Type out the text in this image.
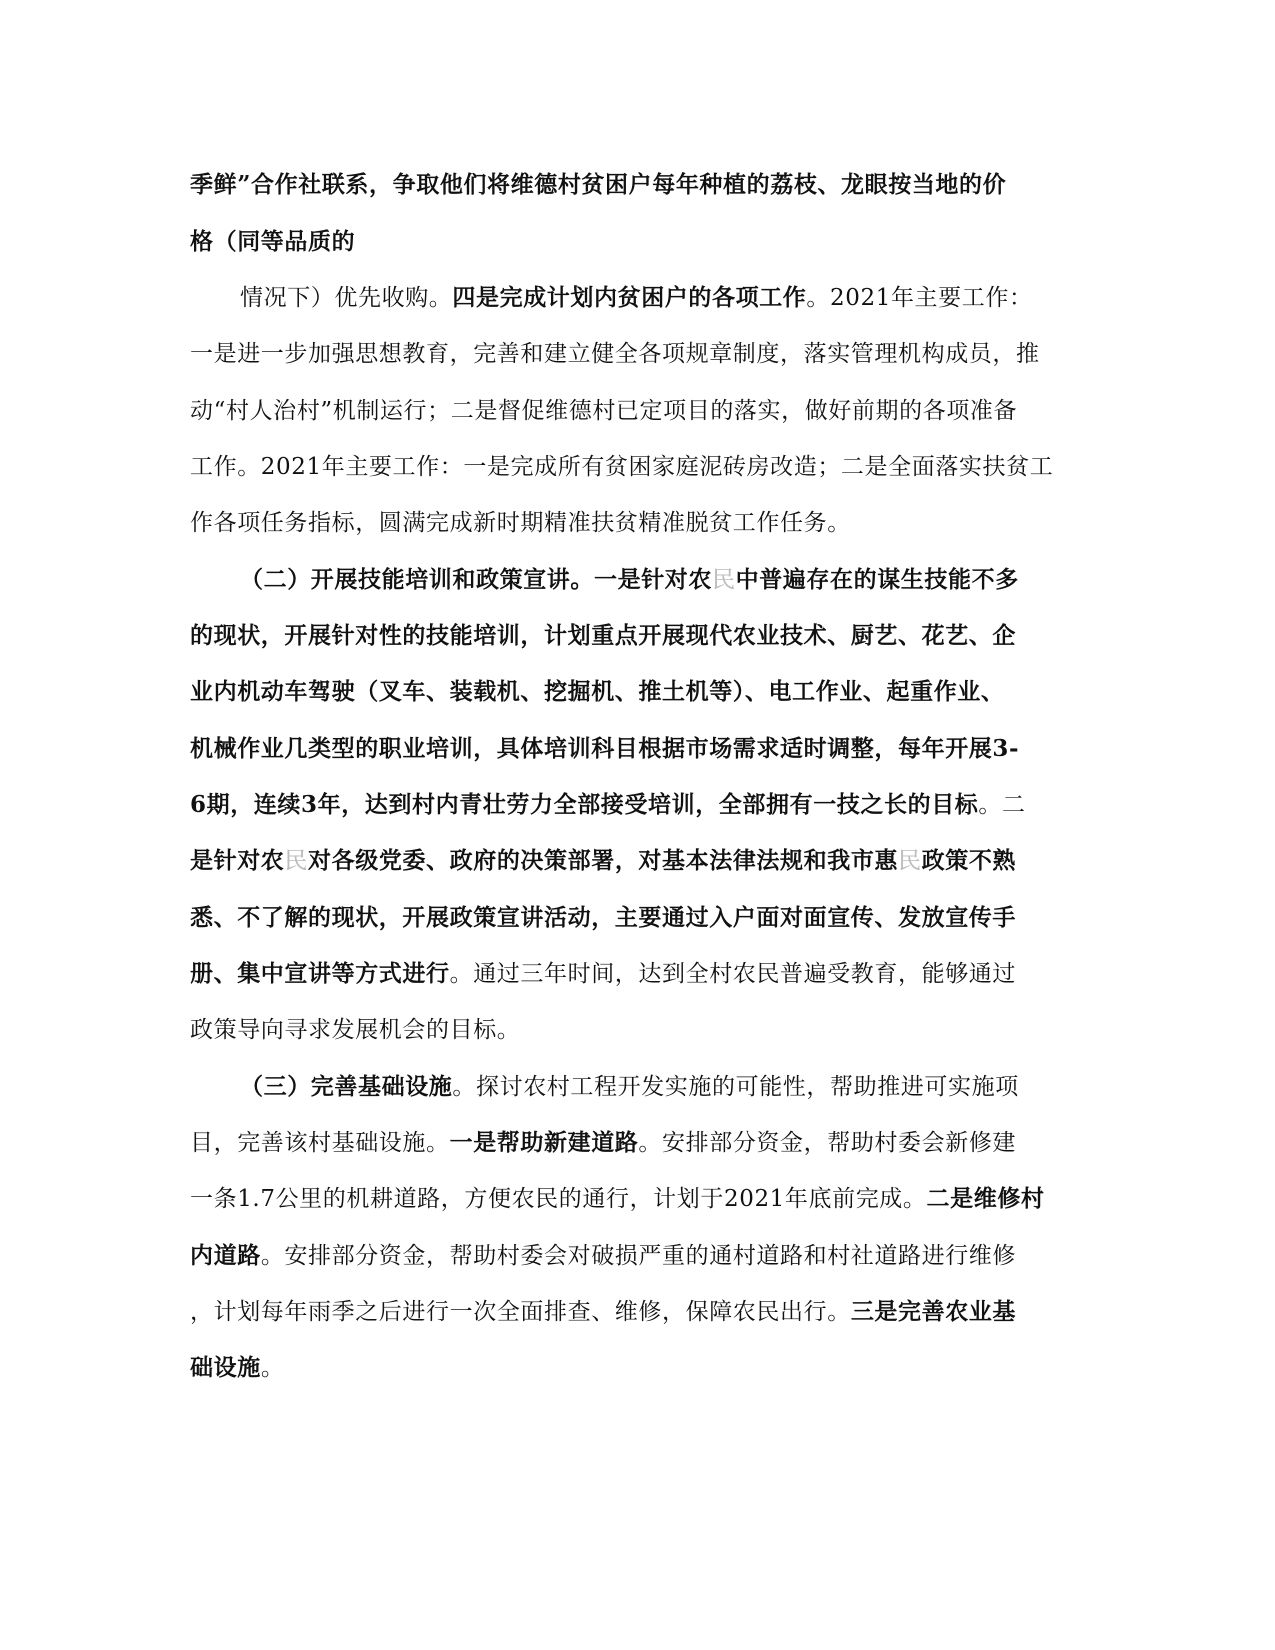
季鲜”合作社联系，争取他们将维德村贫困户每年种植的荔枝、龙眼按当地的价
格（同等品质的
情况下）优先收购。四是完成计划内贫困户的各项工作。2021年主要工作：
一是进一步加强思想教育，完善和建立健全各项规章制度，落实管理机构成员，推
动“村人治村”机制运行；二是督促维德村已定项目的落实，做好前期的各项准备
工作。2021年主要工作：一是完成所有贫困家庭泥砖房改造；二是全面落实扶贫工
作各项任务指标，圆满完成新时期精准扶贫精准脱贫工作任务。
（二）开展技能培训和政策宣讲。一是针对农民中普遍存在的谋生技能不多
的现状，开展针对性的技能培训，计划重点开展现代农业技术、厨艺、花艺、企
业内机动车驾驶（叉车、装载机、挖掘机、推土机等）、电工作业、起重作业、
机械作业几类型的职业培训，具体培训科目根据市场需求适时调整，每年开展3-
6期，连续3年，达到村内青壮劳力全部接受培训，全部拥有一技之长的目标。二
是针对农民对各级党委、政府的决策部署，对基本法律法规和我市惠民政策不熟
悉、不了解的现状，开展政策宣讲活动，主要通过入户面对面宣传、发放宣传手
册、集中宣讲等方式进行。通过三年时间，达到全村农民普遍受教育，能够通过
政策导向寻求发展机会的目标。
（三）完善基础设施。探讨农村工程开发实施的可能性，帮助推进可实施项
目，完善该村基础设施。一是帮助新建道路。安排部分资金，帮助村委会新修建
一条1.7公里的机耕道路，方便农民的通行，计划于2021年底前完成。二是维修村
内道路。安排部分资金，帮助村委会对破损严重的通村道路和村社道路进行维修
，计划每年雨季之后进行一次全面排查、维修，保障农民出行。三是完善农业基
础设施。
